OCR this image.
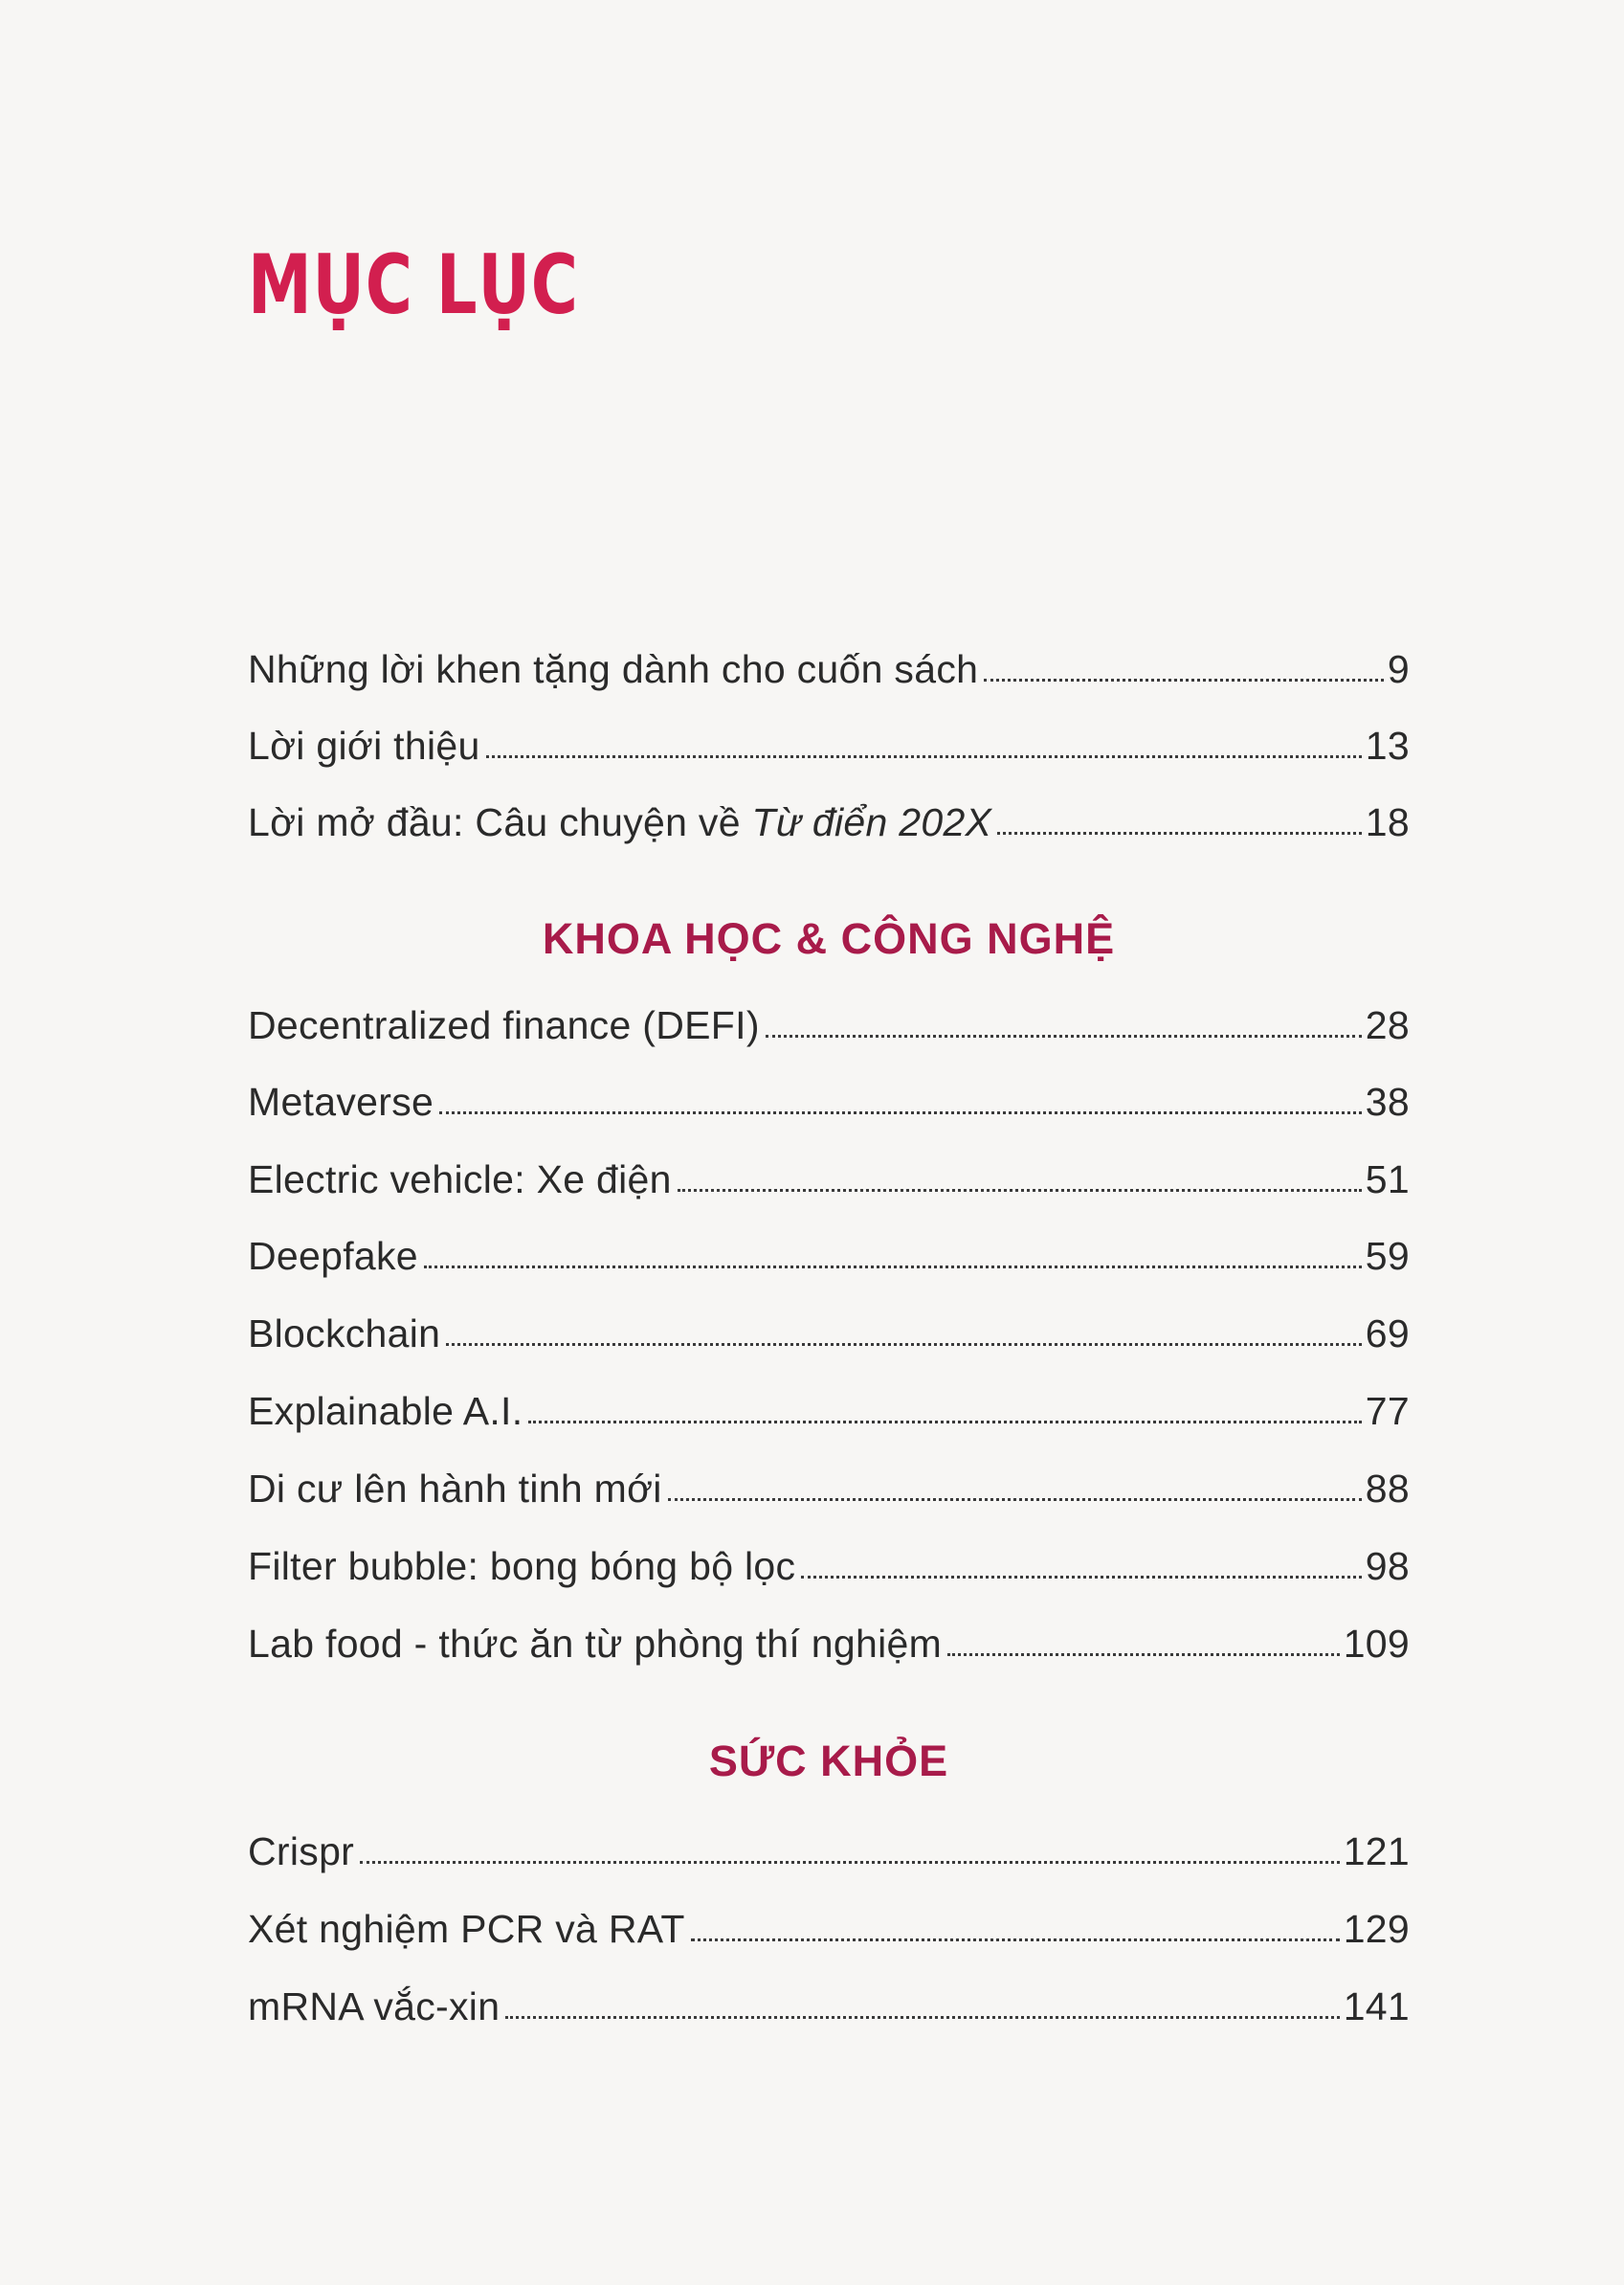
MỤC LỤC
Những lời khen tặng dành cho cuốn sách	9
Lời giới thiệu	13
Lời mở đầu: Câu chuyện về Từ điển 202X	18
KHOA HỌC & CÔNG NGHỆ
Decentralized finance (DEFI)	28
Metaverse	38
Electric vehicle: Xe điện	51
Deepfake	59
Blockchain	69
Explainable A.I.	77
Di cư lên hành tinh mới	88
Filter bubble: bong bóng bộ lọc	98
Lab food - thức ăn từ phòng thí nghiệm	109
SỨC KHỎE
Crispr	121
Xét nghiệm PCR và RAT	129
mRNA vắc-xin	141
